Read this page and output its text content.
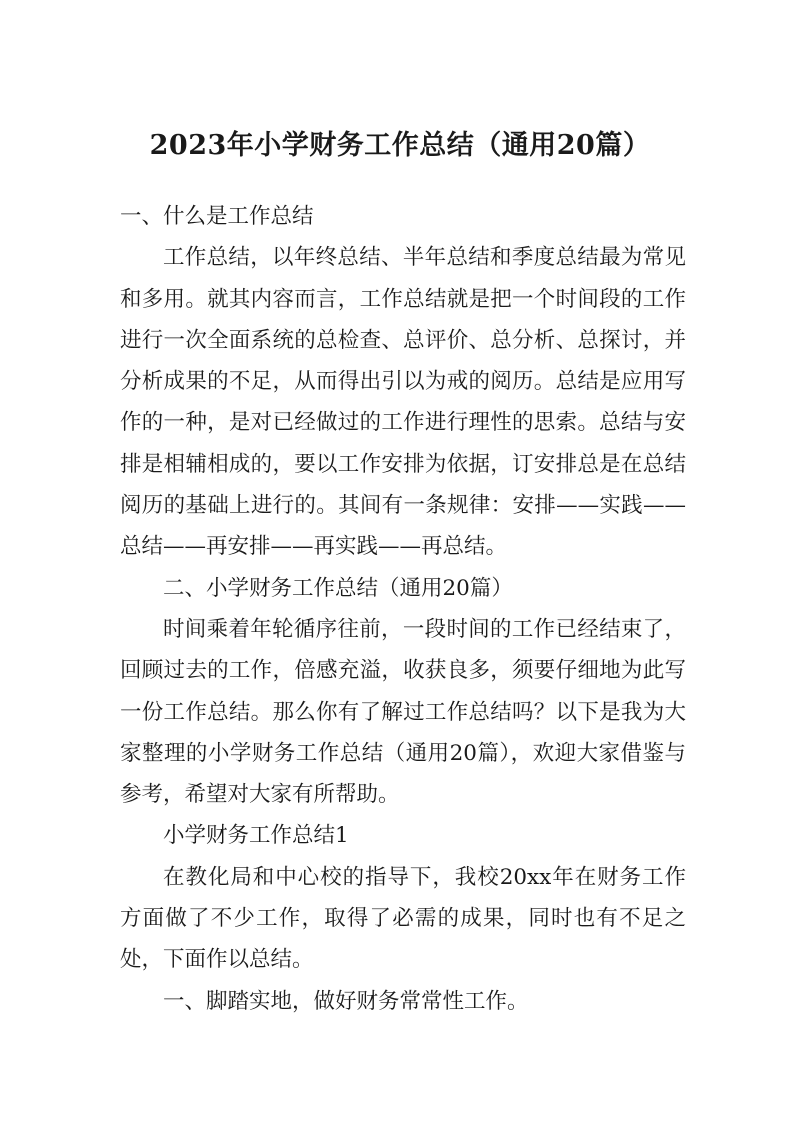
2023年小学财务工作总结（通用20篇）

一、什么是工作总结

工作总结，以年终总结、半年总结和季度总结最为常见和多用。就其内容而言，工作总结就是把一个时间段的工作进行一次全面系统的总检查、总评价、总分析、总探讨，并分析成果的不足，从而得出引以为戒的阅历。总结是应用写作的一种，是对已经做过的工作进行理性的思索。总结与安排是相辅相成的，要以工作安排为依据，订安排总是在总结阅历的基础上进行的。其间有一条规律：安排——实践——总结——再安排——再实践——再总结。

二、小学财务工作总结（通用20篇）

时间乘着年轮循序往前，一段时间的工作已经结束了，回顾过去的工作，倍感充溢，收获良多，须要仔细地为此写一份工作总结。那么你有了解过工作总结吗？以下是我为大家整理的小学财务工作总结（通用20篇），欢迎大家借鉴与参考，希望对大家有所帮助。

小学财务工作总结1

在教化局和中心校的指导下，我校20xx年在财务工作方面做了不少工作，取得了必需的成果，同时也有不足之处，下面作以总结。

一、脚踏实地，做好财务常常性工作。
